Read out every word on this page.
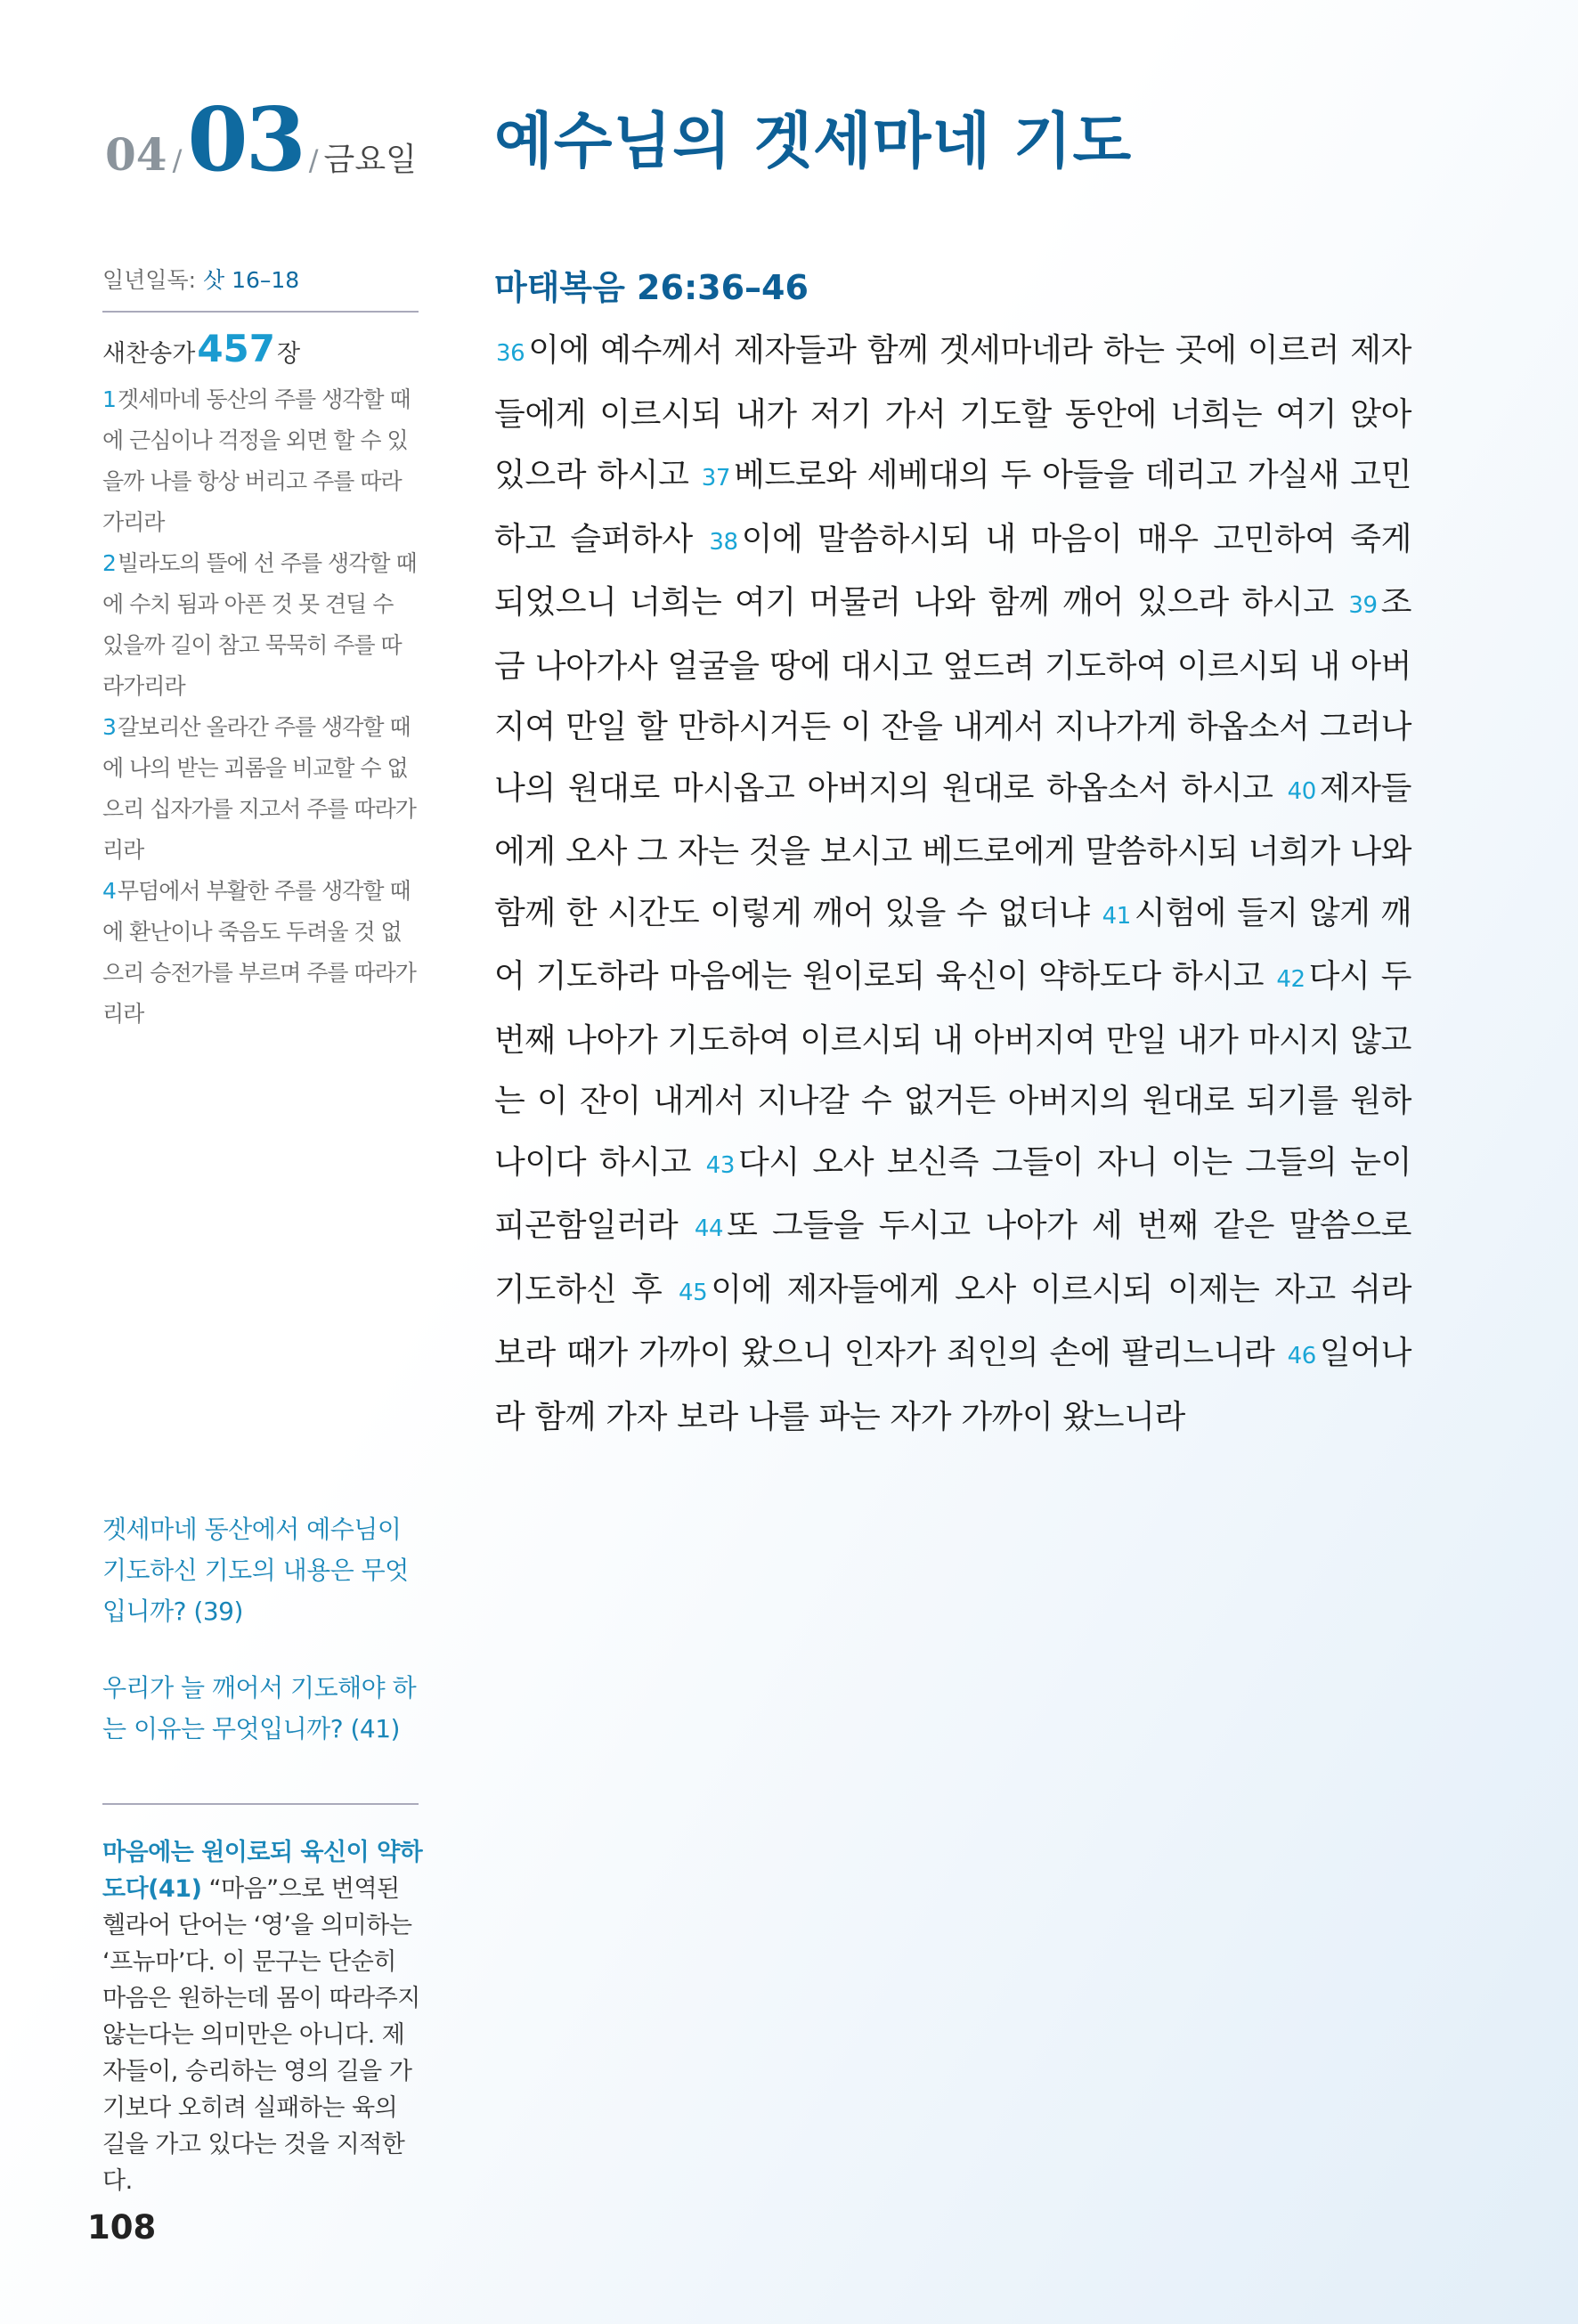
04 / 03 / 금요일 예수님의 겟세마네 기도
일년일독: 삿 16–18
새찬송가 457 장
1겟세마네 동산의 주를 생각할 때에 근심이나 걱정을 외면 할 수 있을까 나를 항상 버리고 주를 따라가리라
2빌라도의 뜰에 선 주를 생각할 때에 수치 됨과 아픈 것 못 견딜 수 있을까 길이 참고 묵묵히 주를 따라가리라
3갈보리산 올라간 주를 생각할 때에 나의 받는 괴롬을 비교할 수 없으리 십자가를 지고서 주를 따라가리라
4무덤에서 부활한 주를 생각할 때에 환난이나 죽음도 두려울 것 없으리 승전가를 부르며 주를 따라가리라
겟세마네 동산에서 예수님이 기도하신 기도의 내용은 무엇입니까? (39)
우리가 늘 깨어서 기도해야 하는 이유는 무엇입니까? (41)
마음에는 원이로되 육신이 약하도다(41) “마음”으로 번역된 헬라어 단어는 ‘영’을 의미하는 ‘프뉴마’다. 이 문구는 단순히 마음은 원하는데 몸이 따라주지 않는다는 의미만은 아니다. 제자들이, 승리하는 영의 길을 가기보다 오히려 실패하는 육의 길을 가고 있다는 것을 지적한다.
108
마태복음 26:36–46
36 이에 예수께서 제자들과 함께 겟세마네라 하는 곳에 이르러 제자들에게 이르시되 내가 저기 가서 기도할 동안에 너희는 여기 앉아 있으라 하시고 37 베드로와 세베대의 두 아들을 데리고 가실새 고민하고 슬퍼하사 38 이에 말씀하시되 내 마음이 매우 고민하여 죽게 되었으니 너희는 여기 머물러 나와 함께 깨어 있으라 하시고 39 조금 나아가사 얼굴을 땅에 대시고 엎드려 기도하여 이르시되 내 아버지여 만일 할 만하시거든 이 잔을 내게서 지나가게 하옵소서 그러나 나의 원대로 마시옵고 아버지의 원대로 하옵소서 하시고 40 제자들에게 오사 그 자는 것을 보시고 베드로에게 말씀하시되 너희가 나와 함께 한 시간도 이렇게 깨어 있을 수 없더냐 41 시험에 들지 않게 깨어 기도하라 마음에는 원이로되 육신이 약하도다 하시고 42 다시 두 번째 나아가 기도하여 이르시되 내 아버지여 만일 내가 마시지 않고는 이 잔이 내게서 지나갈 수 없거든 아버지의 원대로 되기를 원하나이다 하시고 43 다시 오사 보신즉 그들이 자니 이는 그들의 눈이 피곤함일러라 44 또 그들을 두시고 나아가 세 번째 같은 말씀으로 기도하신 후 45 이에 제자들에게 오사 이르시되 이제는 자고 쉬라 보라 때가 가까이 왔으니 인자가 죄인의 손에 팔리느니라 46 일어나라 함께 가자 보라 나를 파는 자가 가까이 왔느니라
